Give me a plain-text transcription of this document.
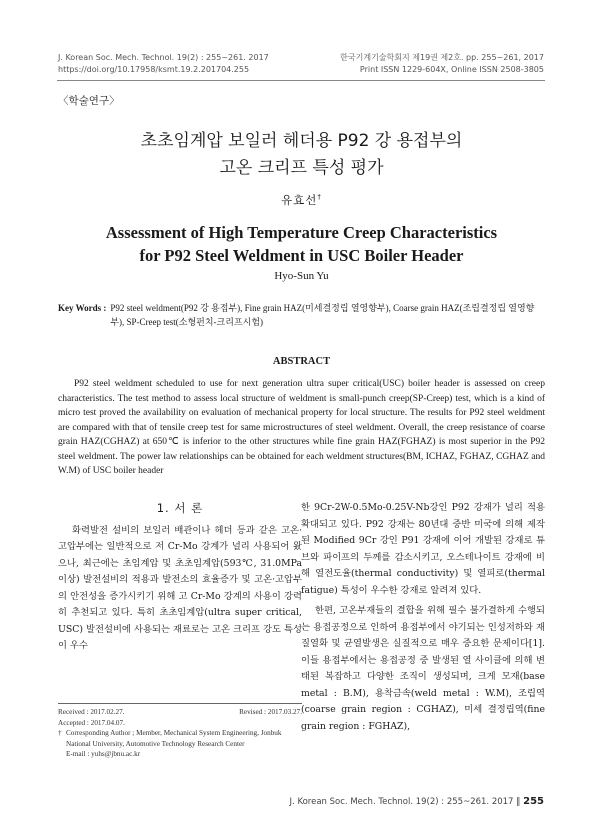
J. Korean Soc. Mech. Technol. 19(2) : 255~261. 2017
https://doi.org/10.17958/ksmt.19.2.201704.255
한국기계기술학회지 제19권 제2호. pp. 255~261, 2017
Print ISSN 1229-604X, Online ISSN 2508-3805
〈학술연구〉
초초임계압 보일러 헤더용 P92 강 용접부의
고온 크리프 특성 평가
유효선†
Assessment of High Temperature Creep Characteristics
for P92 Steel Weldment in USC Boiler Header
Hyo-Sun Yu
Key Words : P92 steel weldment(P92 강 용접부), Fine grain HAZ(미세결정립 열영향부), Coarse grain HAZ(조립결정립 열영향부), SP-Creep test(소형펀치-크리프시험)
ABSTRACT
P92 steel weldment scheduled to use for next generation ultra super critical(USC) boiler header is assessed on creep characteristics. The test method to assess local structure of weldment is small-punch creep(SP-Creep) test, which is a kind of micro test proved the availability on evaluation of mechanical property for local structure. The results for P92 steel weldment are compared with that of tensile creep test for same microstructures of steel weldment. Overall, the creep resistance of coarse grain HAZ(CGHAZ) at 650℃ is inferior to the other structures while fine grain HAZ(FGHAZ) is most superior in the P92 steel weldment. The power law relationships can be obtained for each weldment structures(BM, ICHAZ, FGHAZ, CGHAZ and W.M) of USC boiler header
1. 서 론

화력발전 설비의 보일러 배관이나 헤더 등과 같은 고온·고압부에는 일반적으로 저 Cr-Mo 강계가 널리 사용되어 왔으나, 최근에는 초임계압 및 초초임계압(593℃, 31.0MPa 이상) 발전설비의 적용과 발전소의 효율증가 및 고온·고압부의 안전성을 증가시키기 위해 고 Cr-Mo 강계의 사용이 강력히 추천되고 있다. 특히 초초임계압(ultra super critical, USC) 발전설비에 사용되는 재료로는 고온 크리프 강도 특성이 우수

한 9Cr-2W-0.5Mo-0.25V-Nb강인 P92 강재가 널리 적용 확대되고 있다. P92 강재는 80년대 중반 미국에 의해 제작된 Modified 9Cr 강인 P91 강재에 이어 개발된 강재로 튜브와 파이프의 두께를 감소시키고, 오스테나이트 강재에 비해 열전도율(thermal conductivity) 및 열피로(thermal fatigue) 특성이 우수한 강재로 알려져 있다.

한편, 고온부재들의 결합을 위해 필수 불가결하게 수행되는 용접공정으로 인하여 용접부에서 야기되는 인성저하와 재질열화 및 균열발생은 실질적으로 매우 중요한 문제이다[1]. 이들 용접부에서는 용접공정 중 발생된 열 사이클에 의해 변태된 복잡하고 다양한 조직이 생성되며, 크게 모재(base metal : B.M), 용착금속(weld metal : W.M), 조립역(coarse grain region : CGHAZ), 미세 결정립역(fine grain region : FGHAZ),

Received : 2017.02.27.	Revised : 2017.03.27.
Accepted : 2017.04.07.
† Corresponding Author ; Member, Mechanical System Engineering, Jonbuk National University, Automotive Technology Research Center
E-mail : yuhs@jbnu.ac.kr
J. Korean Soc. Mech. Technol. 19(2) : 255~261. 2017 ‖ 255
